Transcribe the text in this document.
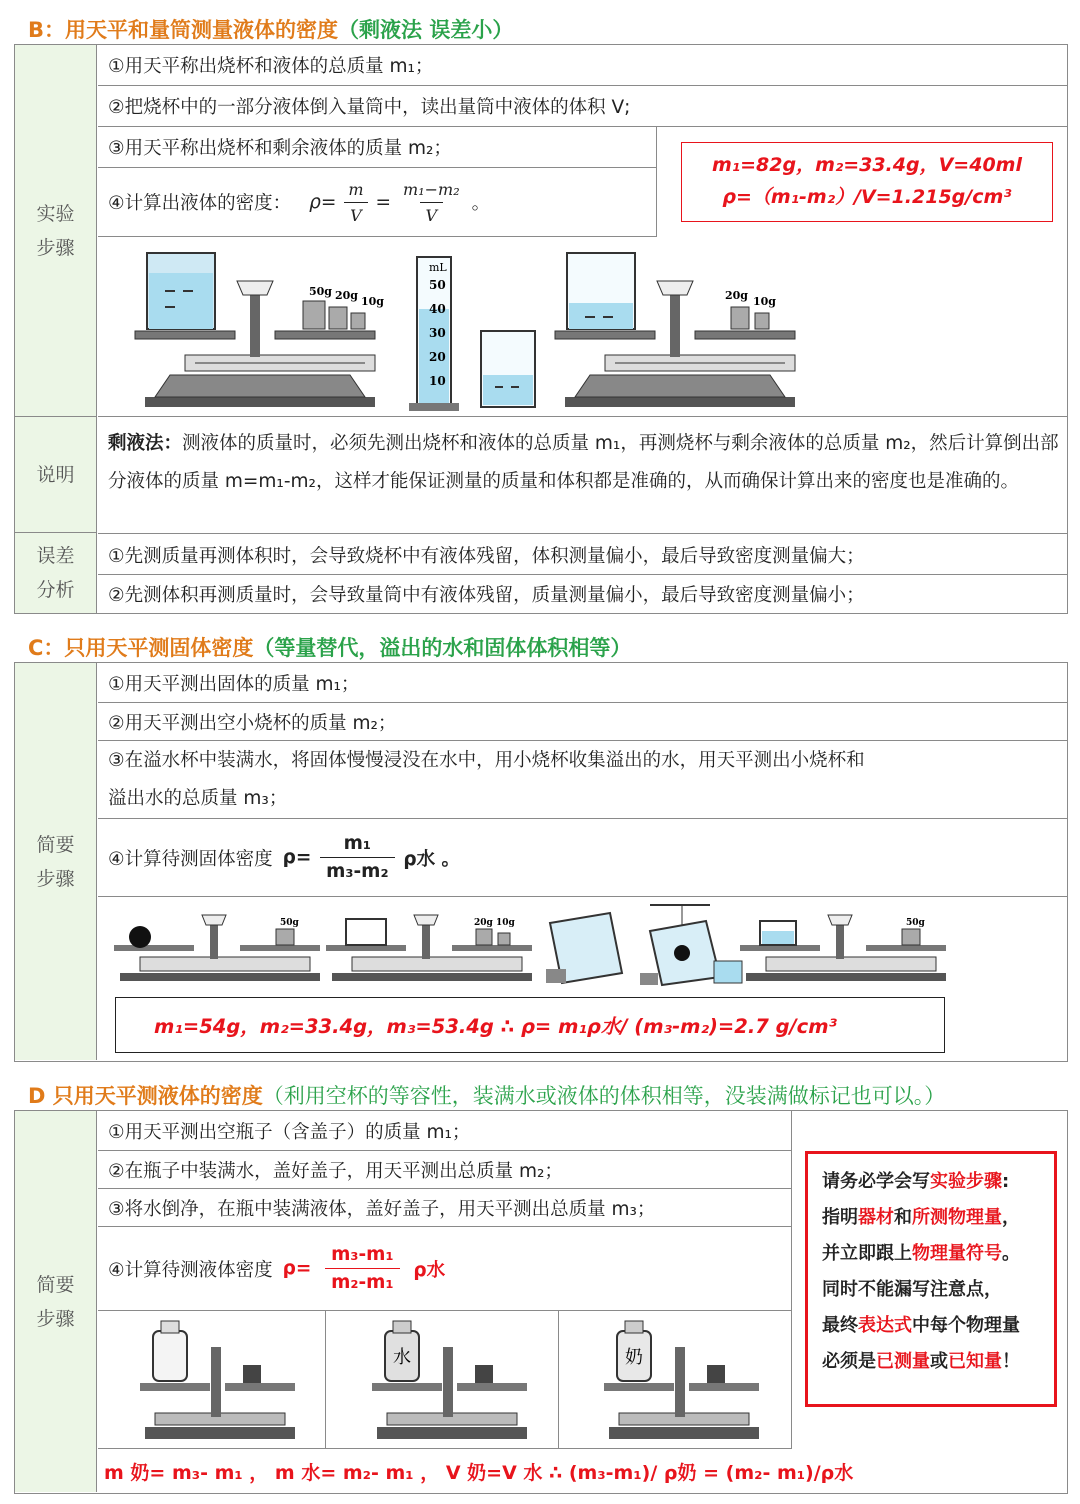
B：用天平和量筒测量液体的密度（剩液法 误差小）
实验
步骤
说明
误差
分析
①用天平称出烧杯和液体的总质量 m₁；
②把烧杯中的一部分液体倒入量筒中，读出量筒中液体的体积 V;
③用天平称出烧杯和剩余液体的质量 m₂；
④计算出液体的密度： $\rho= \frac{m}{V} = \frac{\text{m₁−m₂}}{V}$ 。
m₁=82g，m₂=33.4g，V=40ml
ρ=（m₁-m₂）/V=1.215g/cm³
50g 20g 10g
mL
50
40
30
20
10
20g 10g
剩液法：测液体的质量时，必须先测出烧杯和液体的总质量 m₁，再测烧杯与剩余液体的总质量 m₂，然后计算倒出部分液体的质量 m=m₁-m₂，这样才能保证测量的质量和体积都是准确的，从而确保计算出来的密度也是准确的。
①先测质量再测体积时，会导致烧杯中有液体残留，体积测量偏小，最后导致密度测量偏大；
②先测体积再测质量时，会导致量筒中有液体残留，质量测量偏小，最后导致密度测量偏小；
C：只用天平测固体密度（等量替代，溢出的水和固体体积相等）
简要
步骤
①用天平测出固体的质量 m₁；
②用天平测出空小烧杯的质量 m₂；
③在溢水杯中装满水，将固体慢慢浸没在水中，用小烧杯收集溢出的水，用天平测出小烧杯和
溢出水的总质量 m₃；
④计算待测固体密度 $\rho= \frac{\text{m₁}}{\text{m₃-m₂}}$ ρ水 。
50g	20g 10g	50g
m₁=54g，m₂=33.4g，m₃=53.4g ∴ ρ= m₁ρ水/ (m₃-m₂)=2.7 g/cm³
D 只用天平测液体的密度（利用空杯的等容性，装满水或液体的体积相等，没装满做标记也可以。）
简要
步骤
①用天平测出空瓶子（含盖子）的质量 m₁；
②在瓶子中装满水，盖好盖子，用天平测出总质量 m₂；
③将水倒净，在瓶中装满液体，盖好盖子，用天平测出总质量 m₃；
④计算待测液体密度 $\rho= \frac{\text{m₃-m₁}}{\text{m₂-m₁}}$ ρ水
水	奶
请务必学会写实验步骤:
指明器材和所测物理量，
并立即跟上物理量符号。
同时不能漏写注意点，
最终表达式中每个物理量
必须是已测量或已知量！
m 奶= m₃- m₁ ， m 水= m₂- m₁ ， V 奶=V 水 ∴ (m₃-m₁)/ ρ奶 = (m₂- m₁)/ρ水
